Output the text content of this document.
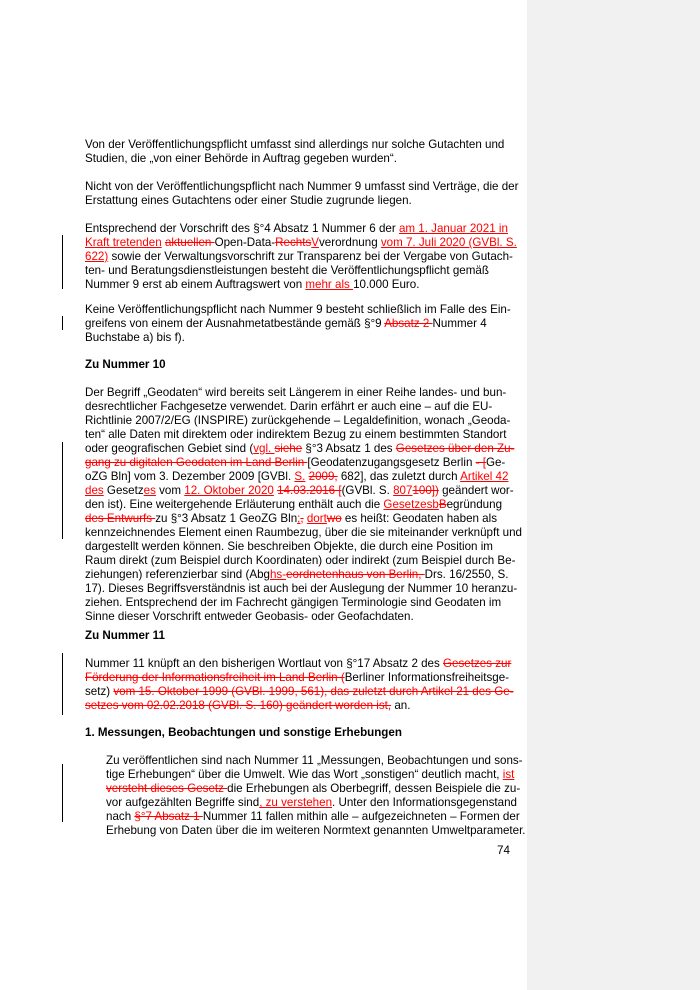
Von der Veröffentlichungspflicht umfasst sind allerdings nur solche Gutachten und
Studien, die „von einer Behörde in Auftrag gegeben wurden“.
Nicht von der Veröffentlichungspflicht nach Nummer 9 umfasst sind Verträge, die der
Erstattung eines Gutachtens oder einer Studie zugrunde liegen.
Entsprechend der Vorschrift des §°4 Absatz 1 Nummer 6 der am 1. Januar 2021 in
Kraft tretenden aktuellen Open-Data-RechtsVverordnung vom 7. Juli 2020 (GVBl. S.
622) sowie der Verwaltungsvorschrift zur Transparenz bei der Vergabe von Gutach-
ten- und Beratungsdienstleistungen besteht die Veröffentlichungspflicht gemäß
Nummer 9 erst ab einem Auftragswert von mehr als 10.000 Euro.
Keine Veröffentlichungspflicht nach Nummer 9 besteht schließlich im Falle des Ein-
greifens von einem der Ausnahmetatbestände gemäß §°9 Absatz 2 Nummer 4
Buchstabe a) bis f).
Zu Nummer 10
Der Begriff „Geodaten“ wird bereits seit Längerem in einer Reihe landes- und bun-
desrechtlicher Fachgesetze verwendet. Darin erfährt er auch eine – auf die EU-
Richtlinie 2007/2/EG (INSPIRE) zurückgehende – Legaldefinition, wonach „Geoda-
ten“ alle Daten mit direktem oder indirektem Bezug zu einem bestimmten Standort
oder geografischen Gebiet sind (vgl. siehe §°3 Absatz 1 des Gesetzes über den Zu-
gang zu digitalen Geodaten im Land Berlin [Geodatenzugangsgesetz Berlin - [Ge-
oZG Bln] vom 3. Dezember 2009 [GVBl. S. 2009, 682], das zuletzt durch Artikel 42
des Gesetzes vom 12. Oktober 2020 14.03.2016 [(GVBl. S. 807100]) geändert wor-
den ist). Eine weitergehende Erläuterung enthält auch die GesetzesbBegründung
des Entwurfs zu §°3 Absatz 1 GeoZG Bln;, dortwo es heißt: Geodaten haben als
kennzeichnendes Element einen Raumbezug, über die sie miteinander verknüpft und
dargestellt werden können. Sie beschreiben Objekte, die durch eine Position im
Raum direkt (zum Beispiel durch Koordinaten) oder indirekt (zum Beispiel durch Be-
ziehungen) referenzierbar sind (Abghs-eordnetenhaus von Berlin, Drs. 16/2550, S.
17). Dieses Begriffsverständnis ist auch bei der Auslegung der Nummer 10 heranzu-
ziehen. Entsprechend der im Fachrecht gängigen Terminologie sind Geodaten im
Sinne dieser Vorschrift entweder Geobasis- oder Geofachdaten.
Zu Nummer 11
Nummer 11 knüpft an den bisherigen Wortlaut von §°17 Absatz 2 des Gesetzes zur
Förderung der Informationsfreiheit im Land Berlin (Berliner Informationsfreiheitsge-
setz) vom 15. Oktober 1999 (GVBl. 1999, 561), das zuletzt durch Artikel 21 des Ge-
setzes vom 02.02.2018 (GVBl. S. 160) geändert worden ist, an.
1. Messungen, Beobachtungen und sonstige Erhebungen
Zu veröffentlichen sind nach Nummer 11 „Messungen, Beobachtungen und sons-
tige Erhebungen“ über die Umwelt. Wie das Wort „sonstigen“ deutlich macht, ist
versteht dieses Gesetz die Erhebungen als Oberbegriff, dessen Beispiele die zu-
vor aufgezählten Begriffe sind, zu verstehen. Unter den Informationsgegenstand
nach §°7 Absatz 1 Nummer 11 fallen mithin alle – aufgezeichneten – Formen der
Erhebung von Daten über die im weiteren Normtext genannten Umweltparameter.
74
